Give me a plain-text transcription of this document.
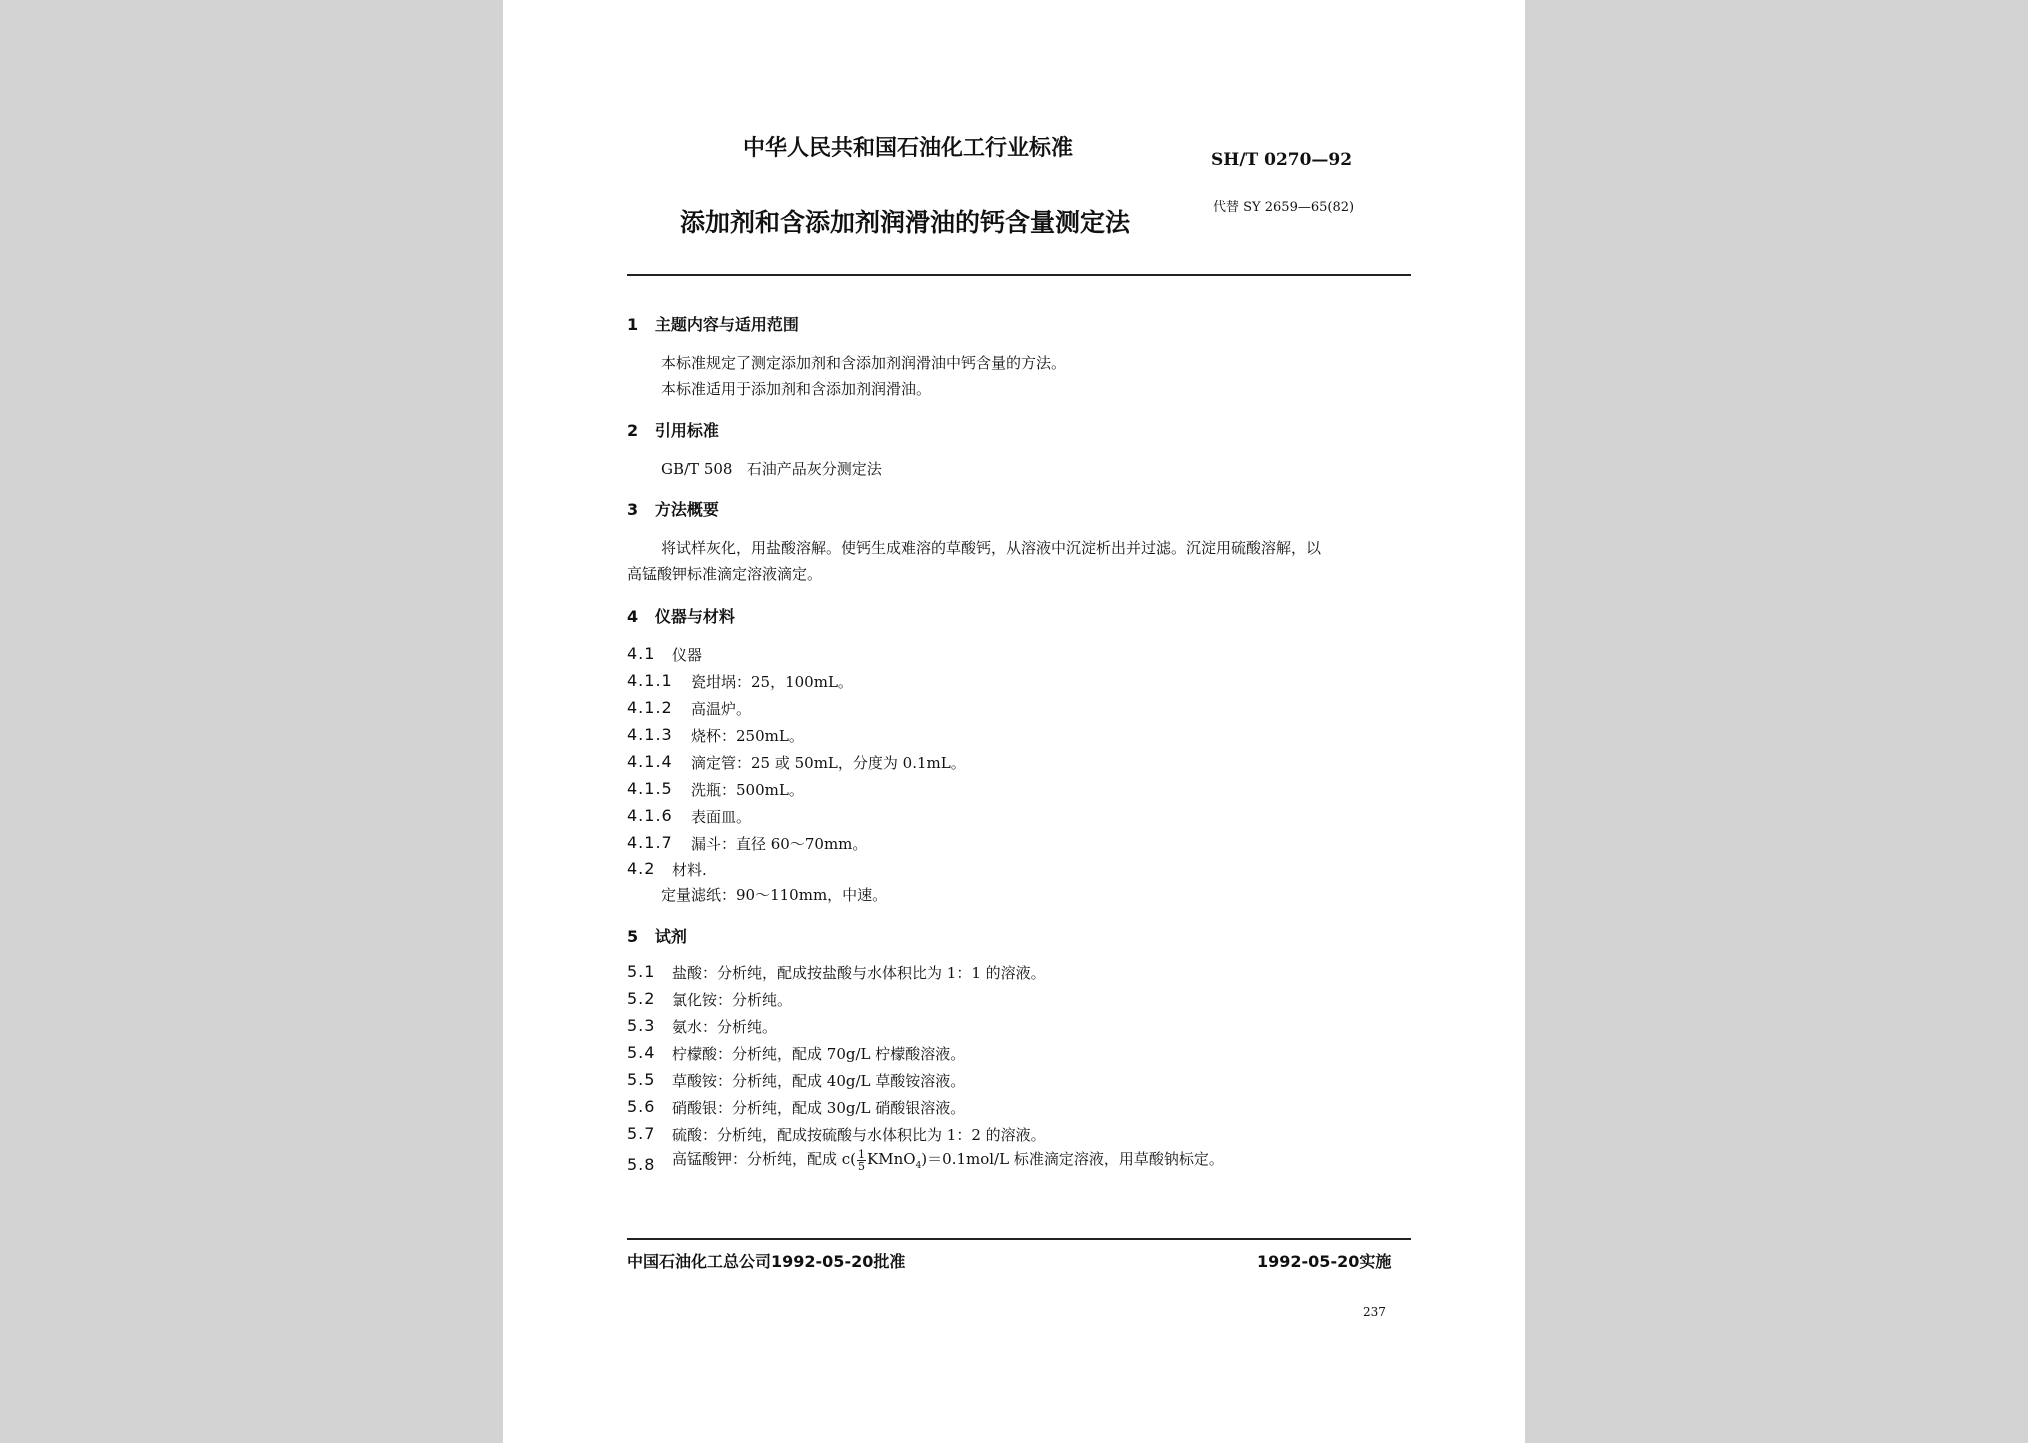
中华人民共和国石油化工行业标准	SH/T 0270—92
添加剂和含添加剂润滑油的钙含量测定法
代替 SY 2659—65(82)
1 主题内容与适用范围
本标准规定了测定添加剂和含添加剂润滑油中钙含量的方法。
本标准适用于添加剂和含添加剂润滑油。
2 引用标准
GB/T 508 石油产品灰分测定法
3 方法概要
将试样灰化，用盐酸溶解。使钙生成难溶的草酸钙，从溶液中沉淀析出并过滤。沉淀用硫酸溶解，以
高锰酸钾标准滴定溶液滴定。
4 仪器与材料
4.1 仪器
4.1.1 瓷坩埚：25，100mL。
4.1.2 高温炉。
4.1.3 烧杯：250mL。
4.1.4 滴定管：25 或 50mL，分度为 0.1mL。
4.1.5 洗瓶：500mL。
4.1.6 表面皿。
4.1.7 漏斗：直径 60～70mm。
4.2 材料.
定量滤纸：90～110mm，中速。
5 试剂
5.1 盐酸：分析纯，配成按盐酸与水体积比为 1：1 的溶液。
5.2 氯化铵：分析纯。
5.3 氨水：分析纯。
5.4 柠檬酸：分析纯，配成 70g/L 柠檬酸溶液。
5.5 草酸铵：分析纯，配成 40g/L 草酸铵溶液。
5.6 硝酸银：分析纯，配成 30g/L 硝酸银溶液。
5.7 硫酸：分析纯，配成按硫酸与水体积比为 1：2 的溶液。
5.8 高锰酸钾：分析纯，配成 $c( \frac{1}{5}$ KMnO$_4$)＝0.1mol/L 标准滴定溶液，用草酸钠标定。
中国石油化工总公司1992-05-20批准	1992-05-20实施
237
